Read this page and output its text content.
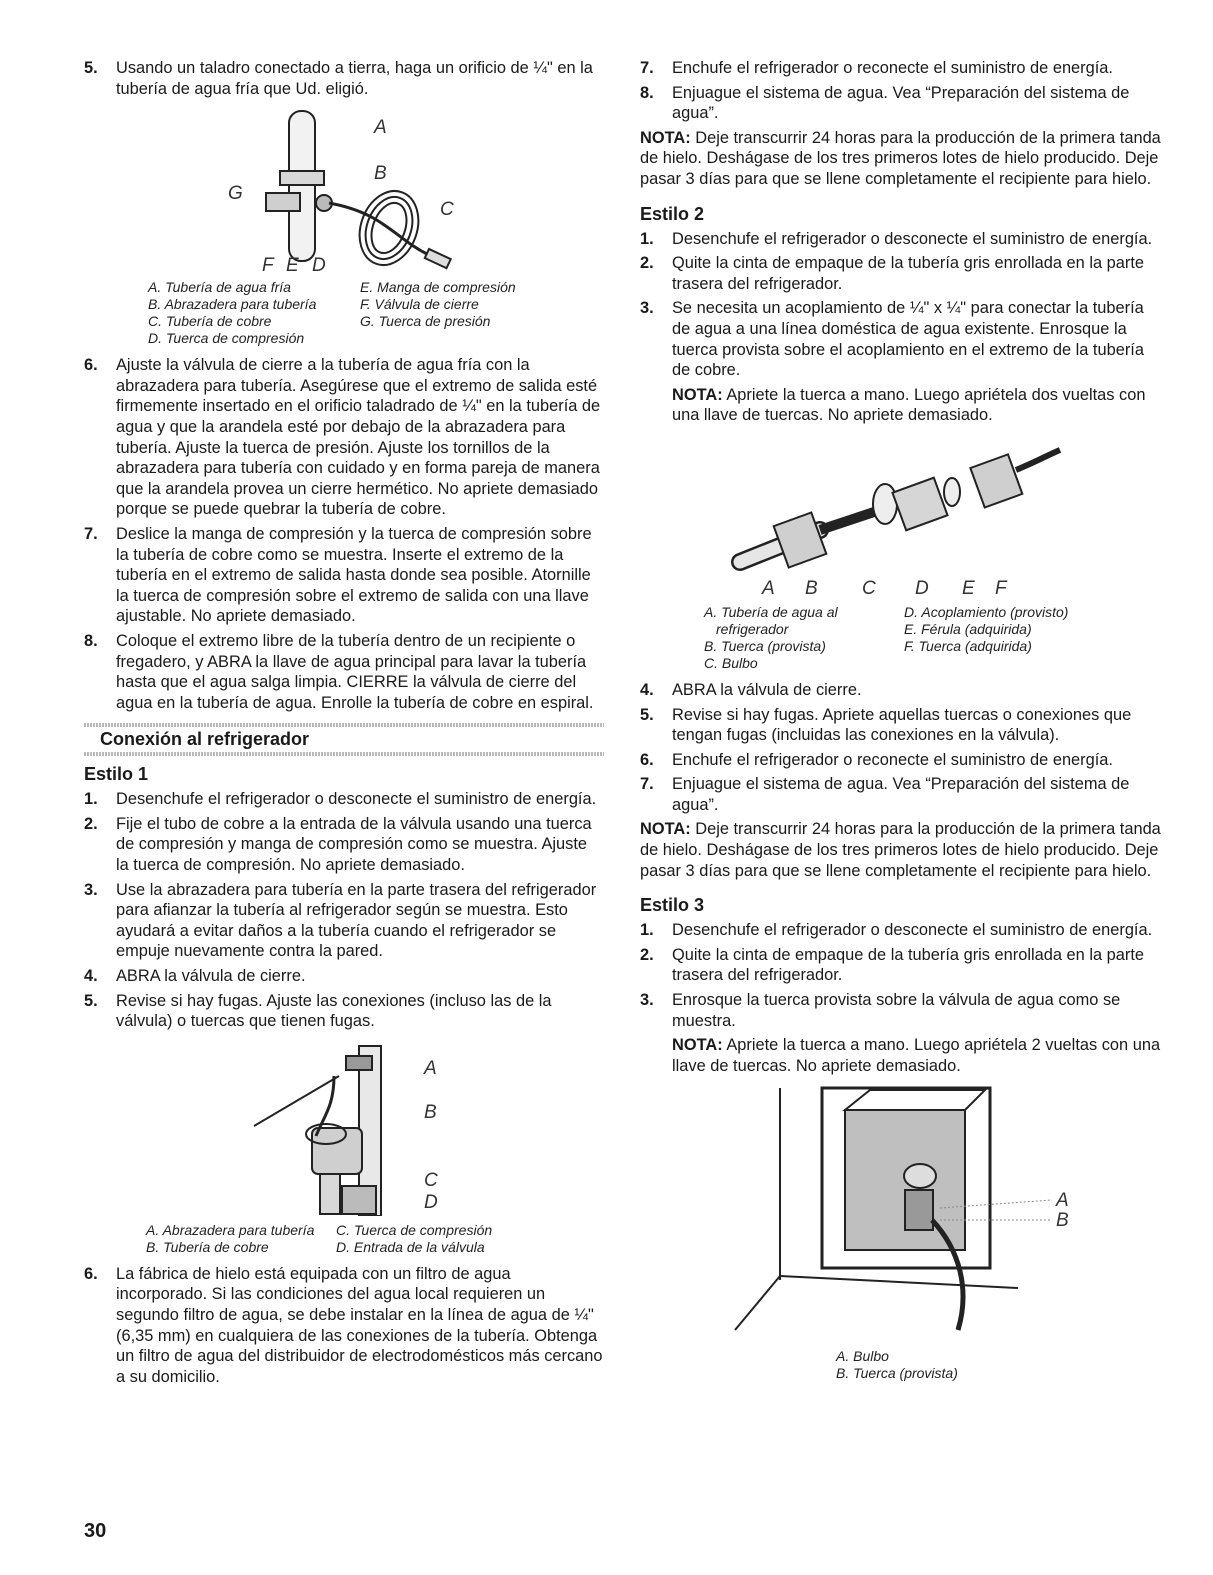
5. Usando un taladro conectado a tierra, haga un orificio de ¼" en la tubería de agua fría que Ud. eligió.
A
B
C
G
F E D
A. Tubería de agua fría	E. Manga de compresión
B. Abrazadera para tubería	F. Válvula de cierre
C. Tubería de cobre	G. Tuerca de presión
D. Tuerca de compresión
6. Ajuste la válvula de cierre a la tubería de agua fría con la abrazadera para tubería. Asegúrese que el extremo de salida esté firmemente insertado en el orificio taladrado de ¼" en la tubería de agua y que la arandela esté por debajo de la abrazadera para tubería. Ajuste la tuerca de presión. Ajuste los tornillos de la abrazadera para tubería con cuidado y en forma pareja de manera que la arandela provea un cierre hermético. No apriete demasiado porque se puede quebrar la tubería de cobre.
7. Deslice la manga de compresión y la tuerca de compresión sobre la tubería de cobre como se muestra. Inserte el extremo de la tubería en el extremo de salida hasta donde sea posible. Atornille la tuerca de compresión sobre el extremo de salida con una llave ajustable. No apriete demasiado.
8. Coloque el extremo libre de la tubería dentro de un recipiente o fregadero, y ABRA la llave de agua principal para lavar la tubería hasta que el agua salga limpia. CIERRE la válvula de cierre del agua en la tubería de agua. Enrolle la tubería de cobre en espiral.
Conexión al refrigerador
Estilo 1
1. Desenchufe el refrigerador o desconecte el suministro de energía.
2. Fije el tubo de cobre a la entrada de la válvula usando una tuerca de compresión y manga de compresión como se muestra. Ajuste la tuerca de compresión. No apriete demasiado.
3. Use la abrazadera para tubería en la parte trasera del refrigerador para afianzar la tubería al refrigerador según se muestra. Esto ayudará a evitar daños a la tubería cuando el refrigerador se empuje nuevamente contra la pared.
4. ABRA la válvula de cierre.
5. Revise si hay fugas. Ajuste las conexiones (incluso las de la válvula) o tuercas que tienen fugas.
A
B
C
D
A. Abrazadera para tubería	C. Tuerca de compresión
B. Tubería de cobre	D. Entrada de la válvula
6. La fábrica de hielo está equipada con un filtro de agua incorporado. Si las condiciones del agua local requieren un segundo filtro de agua, se debe instalar en la línea de agua de ¼" (6,35 mm) en cualquiera de las conexiones de la tubería. Obtenga un filtro de agua del distribuidor de electrodomésticos más cercano a su domicilio.
7. Enchufe el refrigerador o reconecte el suministro de energía.
8. Enjuague el sistema de agua. Vea “Preparación del sistema de agua”.

NOTA: Deje transcurrir 24 horas para la producción de la primera tanda de hielo. Deshágase de los tres primeros lotes de hielo producido. Deje pasar 3 días para que se llene completamente el recipiente para hielo.

Estilo 2
1. Desenchufe el refrigerador o desconecte el suministro de energía.
2. Quite la cinta de empaque de la tubería gris enrollada en la parte trasera del refrigerador.
3. Se necesita un acoplamiento de ¼" x ¼" para conectar la tubería de agua a una línea doméstica de agua existente. Enrosque la tuerca provista sobre el acoplamiento en el extremo de la tubería de cobre.

NOTA: Apriete la tuerca a mano. Luego apriétela dos vueltas con una llave de tuercas. No apriete demasiado.

A B C D E F
A. Tubería de agua al	D. Acoplamiento (provisto)
refrigerador	E. Férula (adquirida)
B. Tuerca (provista)	F. Tuerca (adquirida)
C. Bulbo
4. ABRA la válvula de cierre.
5. Revise si hay fugas. Apriete aquellas tuercas o conexiones que tengan fugas (incluidas las conexiones en la válvula).
6. Enchufe el refrigerador o reconecte el suministro de energía.
7. Enjuague el sistema de agua. Vea “Preparación del sistema de agua”.

NOTA: Deje transcurrir 24 horas para la producción de la primera tanda de hielo. Deshágase de los tres primeros lotes de hielo producido. Deje pasar 3 días para que se llene completamente el recipiente para hielo.

Estilo 3
1. Desenchufe el refrigerador o desconecte el suministro de energía.
2. Quite la cinta de empaque de la tubería gris enrollada en la parte trasera del refrigerador.
3. Enrosque la tuerca provista sobre la válvula de agua como se muestra.

NOTA: Apriete la tuerca a mano. Luego apriétela 2 vueltas con una llave de tuercas. No apriete demasiado.

A
B
A. Bulbo
B. Tuerca (provista)
30
